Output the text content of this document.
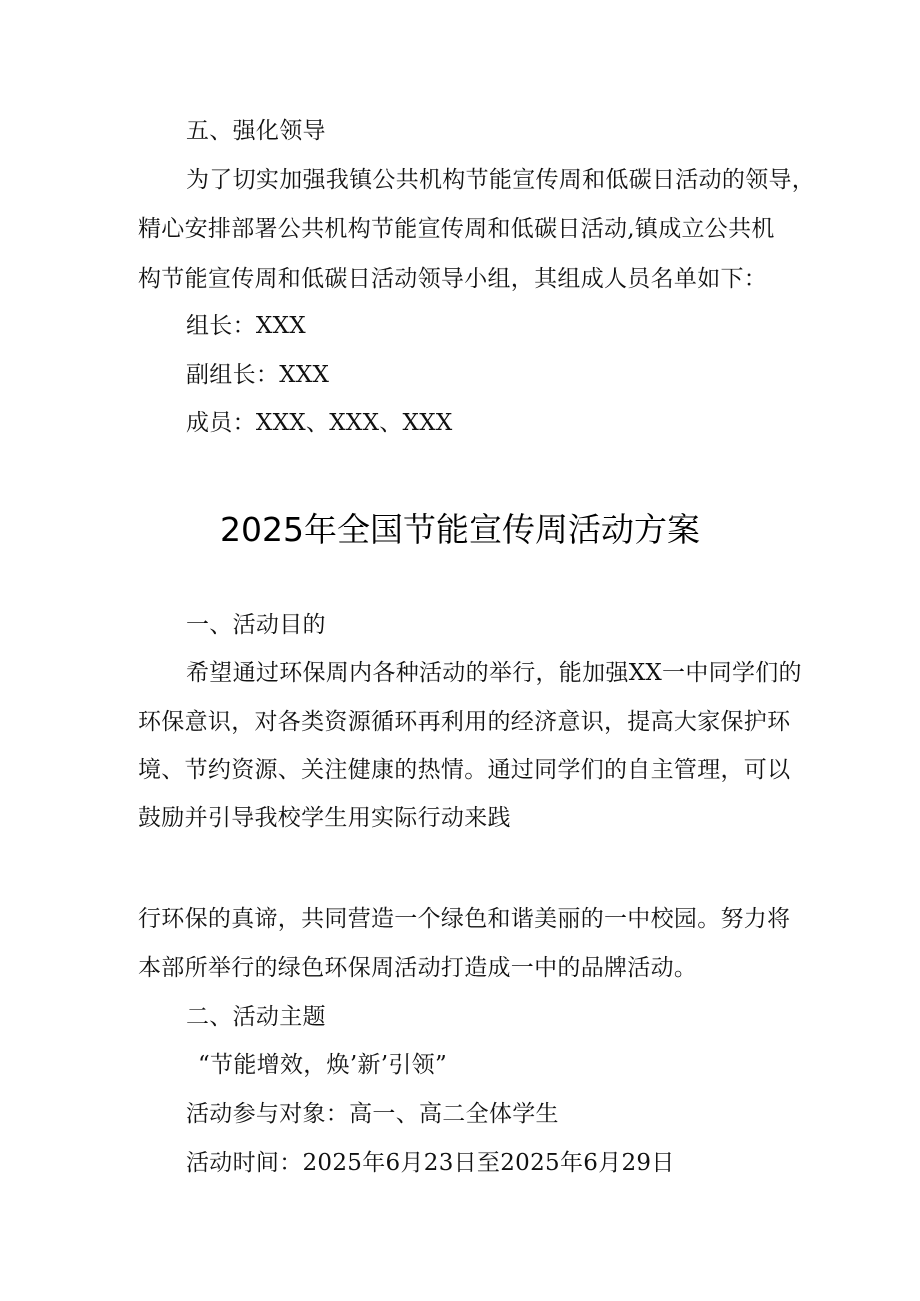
五、强化领导
为了切实加强我镇公共机构节能宣传周和低碳日活动的领导，
精心安排部署公共机构节能宣传周和低碳日活动,镇成立公共机
构节能宣传周和低碳日活动领导小组，其组成人员名单如下：
组长：XXX
副组长：XXX
成员：XXX、XXX、XXX
2025年全国节能宣传周活动方案
一、活动目的
希望通过环保周内各种活动的举行，能加强XX一中同学们的
环保意识，对各类资源循环再利用的经济意识，提高大家保护环
境、节约资源、关注健康的热情。通过同学们的自主管理，可以
鼓励并引导我校学生用实际行动来践
行环保的真谛，共同营造一个绿色和谐美丽的一中校园。努力将
本部所举行的绿色环保周活动打造成一中的品牌活动。
二、活动主题
“节能增效，焕’新’引领”
活动参与对象：高一、高二全体学生
活动时间：2025年6月23日至2025年6月29日
